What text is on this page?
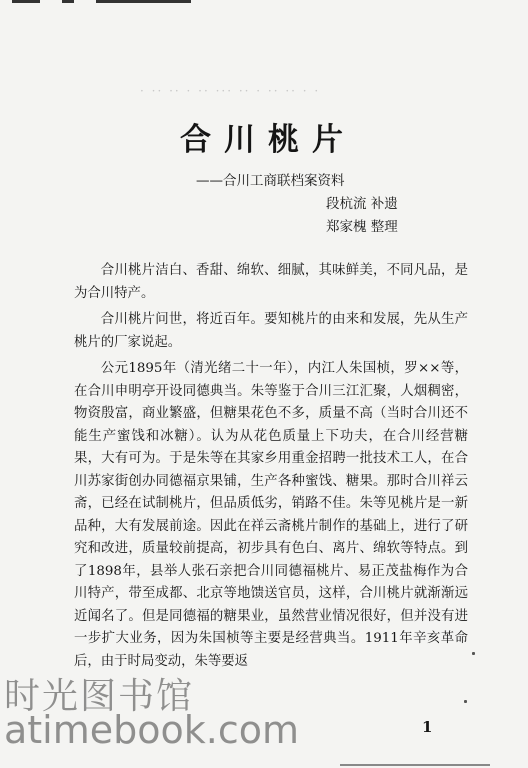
· ·· ·· · ·· ··· ·· · ·· ·· · ·
合川桃片
——合川工商联档案资料
段杭流 补遗
郑家槐 整理

合川桃片洁白、香甜、绵软、细腻，其味鲜美，不同凡品，是为合川特产。

合川桃片问世，将近百年。要知桃片的由来和发展，先从生产桃片的厂家说起。

公元1895年（清光绪二十一年），内江人朱国桢，罗××等，在合川申明亭开设同德典当。朱等鉴于合川三江汇聚，人烟稠密，物资殷富，商业繁盛，但糖果花色不多，质量不高（当时合川还不能生产蜜饯和冰糖）。认为从花色质量上下功夫，在合川经营糖果，大有可为。于是朱等在其家乡用重金招聘一批技术工人，在合川苏家街创办同德福京果铺，生产各种蜜饯、糖果。那时合川祥云斋，已经在试制桃片，但品质低劣，销路不佳。朱等见桃片是一新品种，大有发展前途。因此在祥云斋桃片制作的基础上，进行了研究和改进，质量较前提高，初步具有色白、离片、绵软等特点。到了1898年，县举人张石亲把合川同德福桃片、易正茂盐梅作为合川特产，带至成都、北京等地馈送官员，这样，合川桃片就渐渐远近闻名了。但是同德福的糖果业，虽然营业情况很好，但并没有进一步扩大业务，因为朱国桢等主要是经营典当。1911年辛亥革命后，由于时局变动，朱等要返

1
时光图书馆
atimebook.com
